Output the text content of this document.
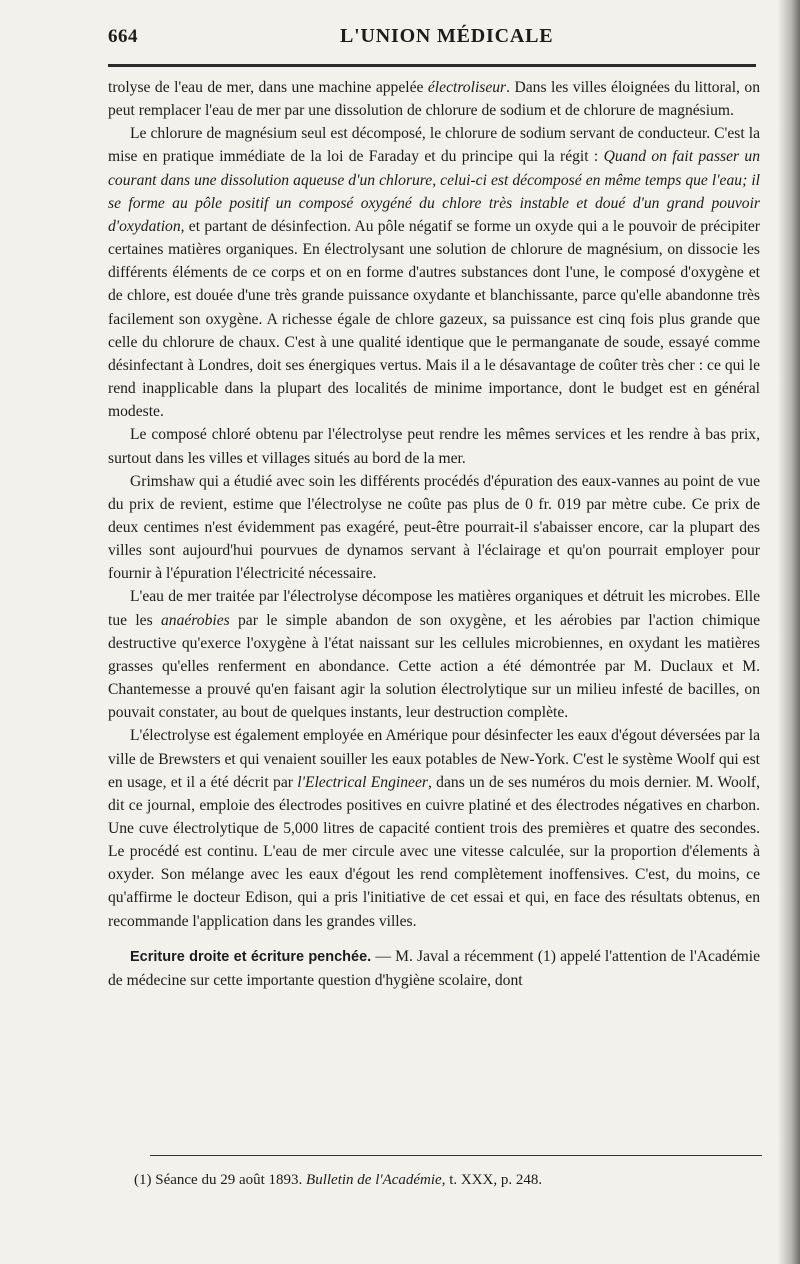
664	L'UNION MÉDICALE

trolyse de l'eau de mer, dans une machine appelée électroliseur. Dans les villes éloignées du littoral, on peut remplacer l'eau de mer par une dissolution de chlorure de sodium et de chlorure de magnésium.

Le chlorure de magnésium seul est décomposé, le chlorure de sodium servant de conducteur. C'est la mise en pratique immédiate de la loi de Faraday et du principe qui la régit : Quand on fait passer un courant dans une dissolution aqueuse d'un chlorure, celui-ci est décomposé en même temps que l'eau; il se forme au pôle positif un composé oxygéné du chlore très instable et doué d'un grand pouvoir d'oxydation, et partant de désinfection. Au pôle négatif se forme un oxyde qui a le pouvoir de précipiter certaines matières organiques. En électrolysant une solution de chlorure de magnésium, on dissocie les différents éléments de ce corps et on en forme d'autres substances dont l'une, le composé d'oxygène et de chlore, est douée d'une très grande puissance oxydante et blanchissante, parce qu'elle abandonne très facilement son oxygène. A richesse égale de chlore gazeux, sa puissance est cinq fois plus grande que celle du chlorure de chaux. C'est à une qualité identique que le permanganate de soude, essayé comme désinfectant à Londres, doit ses énergiques vertus. Mais il a le désavantage de coûter très cher : ce qui le rend inapplicable dans la plupart des localités de minime importance, dont le budget est en général modeste.

Le composé chloré obtenu par l'électrolyse peut rendre les mêmes services et les rendre à bas prix, surtout dans les villes et villages situés au bord de la mer.

Grimshaw qui a étudié avec soin les différents procédés d'épuration des eaux-vannes au point de vue du prix de revient, estime que l'électrolyse ne coûte pas plus de 0 fr. 019 par mètre cube. Ce prix de deux centimes n'est évidemment pas exagéré, peut-être pourrait-il s'abaisser encore, car la plupart des villes sont aujourd'hui pourvues de dynamos servant à l'éclairage et qu'on pourrait employer pour fournir à l'épuration l'électricité nécessaire.

L'eau de mer traitée par l'électrolyse décompose les matières organiques et détruit les microbes. Elle tue les anaérobies par le simple abandon de son oxygène, et les aérobies par l'action chimique destructive qu'exerce l'oxygène à l'état naissant sur les cellules microbiennes, en oxydant les matières grasses qu'elles renferment en abondance. Cette action a été démontrée par M. Duclaux et M. Chantemesse a prouvé qu'en faisant agir la solution électrolytique sur un milieu infesté de bacilles, on pouvait constater, au bout de quelques instants, leur destruction complète.

L'électrolyse est également employée en Amérique pour désinfecter les eaux d'égout déversées par la ville de Brewsters et qui venaient souiller les eaux potables de New-York. C'est le système Woolf qui est en usage, et il a été décrit par l'Electrical Engineer, dans un de ses numéros du mois dernier. M. Woolf, dit ce journal, emploie des électrodes positives en cuivre platiné et des électrodes négatives en charbon. Une cuve électrolytique de 5,000 litres de capacité contient trois des premières et quatre des secondes. Le procédé est continu. L'eau de mer circule avec une vitesse calculée, sur la proportion d'élements à oxyder. Son mélange avec les eaux d'égout les rend complètement inoffensives. C'est, du moins, ce qu'affirme le docteur Edison, qui a pris l'initiative de cet essai et qui, en face des résultats obtenus, en recommande l'application dans les grandes villes.

Ecriture droite et écriture penchée. — M. Javal a récemment (1) appelé l'attention de l'Académie de médecine sur cette importante question d'hygiène scolaire, dont

(1) Séance du 29 août 1893. Bulletin de l'Académie, t. XXX, p. 248.
